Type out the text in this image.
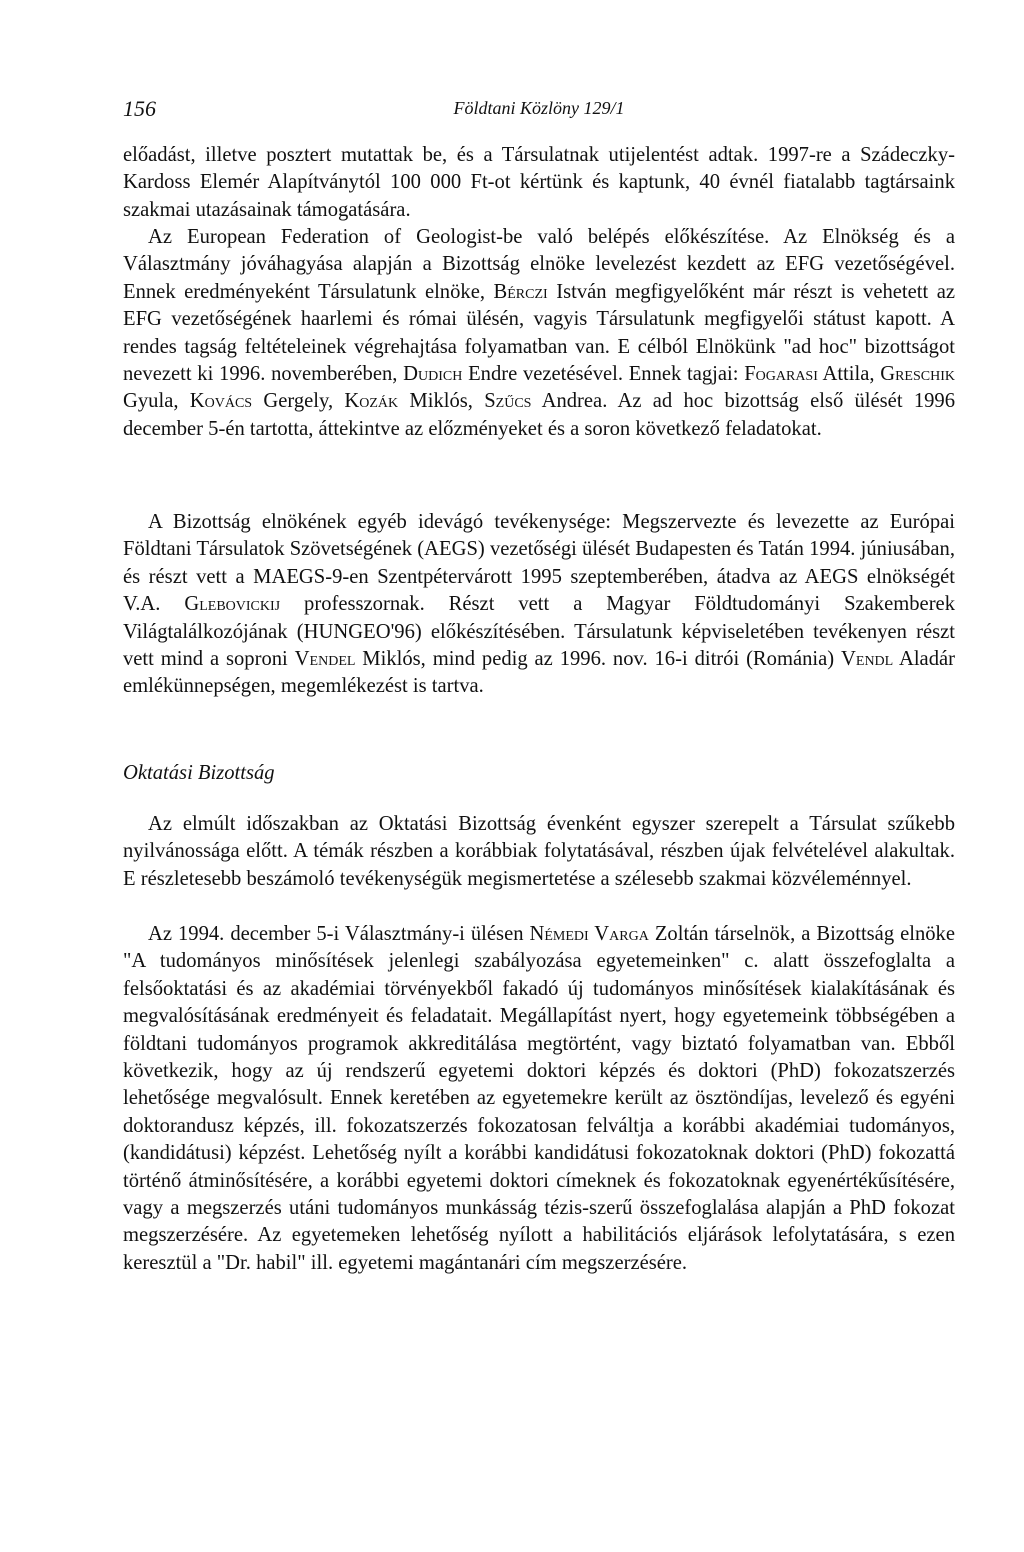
156	Földtani Közlöny 129/1
előadást, illetve posztert mutattak be, és a Társulatnak utijelentést adtak. 1997-re a Szádeczky-Kardoss Elemér Alapítványtól 100 000 Ft-ot kértünk és kaptunk, 40 évnél fiatalabb tagtársaink szakmai utazásainak támogatására.
Az European Federation of Geologist-be való belépés előkészítése. Az Elnökség és a Választmány jóváhagyása alapján a Bizottság elnöke levelezést kezdett az EFG vezetőségével. Ennek eredményeként Társulatunk elnöke, Bérczi István megfigyelőként már részt is vehetett az EFG vezetőségének haarlemi és római ülésén, vagyis Társulatunk megfigyelői státust kapott. A rendes tagság feltételeinek végrehajtása folyamatban van. E célból Elnökünk "ad hoc" bizottságot nevezett ki 1996. novemberében, Dudich Endre vezetésével. Ennek tagjai: Fogarasi Attila, Greschik Gyula, Kovács Gergely, Kozák Miklós, Szűcs Andrea. Az ad hoc bizottság első ülését 1996 december 5-én tartotta, áttekintve az előzményeket és a soron következő feladatokat.
A Bizottság elnökének egyéb idevágó tevékenysége: Megszervezte és levezette az Európai Földtani Társulatok Szövetségének (AEGS) vezetőségi ülését Budapesten és Tatán 1994. júniusában, és részt vett a MAEGS-9-en Szentpétervárott 1995 szeptemberében, átadva az AEGS elnökségét V.A. Glebovickij professzornak. Részt vett a Magyar Földtudományi Szakemberek Világtalálkozójának (HUNGEO'96) előkészítésében. Társulatunk képviseletében tevékenyen részt vett mind a soproni Vendel Miklós, mind pedig az 1996. nov. 16-i ditrói (Románia) Vendl Aladár emlékünnepségen, megemlékezést is tartva.
Oktatási Bizottság
Az elmúlt időszakban az Oktatási Bizottság évenként egyszer szerepelt a Társulat szűkebb nyilvánossága előtt. A témák részben a korábbiak folytatásával, részben újak felvételével alakultak. E részletesebb beszámoló tevékenységük megismertetése a szélesebb szakmai közvéleménnyel.
Az 1994. december 5-i Választmány-i ülésen Némedi Varga Zoltán társelnök, a Bizottság elnöke "A tudományos minősítések jelenlegi szabályozása egyetemeinken" c. alatt összefoglalta a felsőoktatási és az akadémiai törvényekből fakadó új tudományos minősítések kialakításának és megvalósításának eredményeit és feladatait. Megállapítást nyert, hogy egyetemeink többségében a földtani tudományos programok akkreditálása megtörtént, vagy biztató folyamatban van. Ebből következik, hogy az új rendszerű egyetemi doktori képzés és doktori (PhD) fokozatszerzés lehetősége megvalósult. Ennek keretében az egyetemekre került az ösztöndíjas, levelező és egyéni doktorandusz képzés, ill. fokozatszerzés fokozatosan felváltja a korábbi akadémiai tudományos, (kandidátusi) képzést. Lehetőség nyílt a korábbi kandidátusi fokozatoknak doktori (PhD) fokozattá történő átminősítésére, a korábbi egyetemi doktori címeknek és fokozatoknak egyenértékűsítésére, vagy a megszerzés utáni tudományos munkásság tézis-szerű összefoglalása alapján a PhD fokozat megszerzésére. Az egyetemeken lehetőség nyílott a habilitációs eljárások lefolytatására, s ezen keresztül a "Dr. habil" ill. egyetemi magántanári cím megszerzésére.
